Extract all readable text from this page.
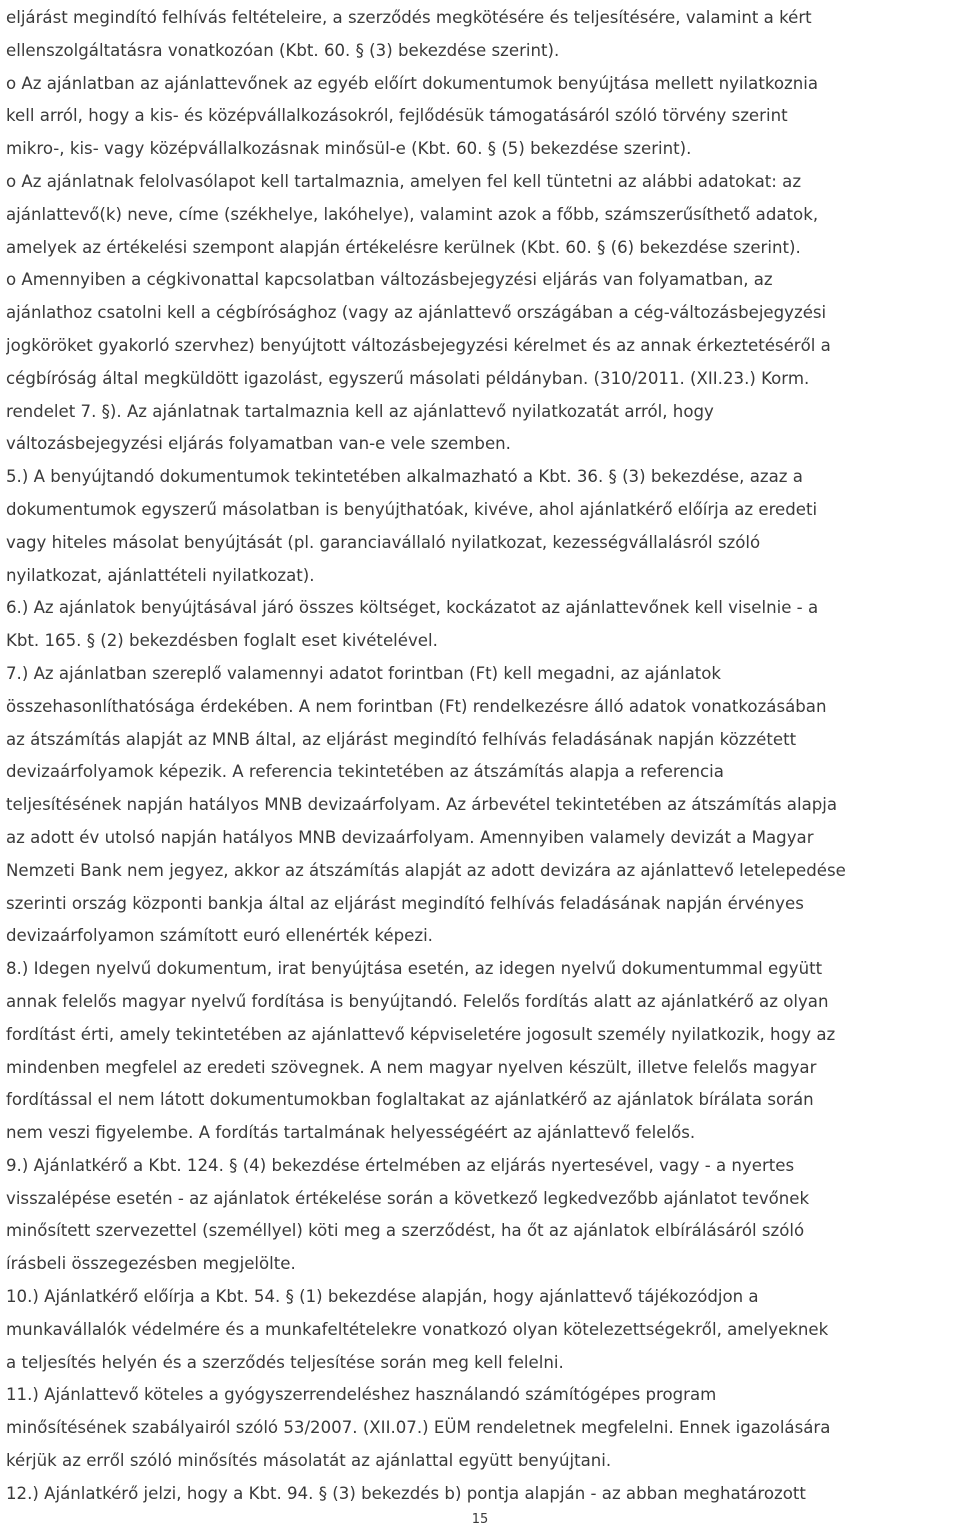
eljárást megindító felhívás feltételeire, a szerződés megkötésére és teljesítésére, valamint a kért
ellenszolgáltatásra vonatkozóan (Kbt. 60. § (3) bekezdése szerint).
o Az ajánlatban az ajánlattevőnek az egyéb előírt dokumentumok benyújtása mellett nyilatkoznia
kell arról, hogy a kis- és középvállalkozásokról, fejlődésük támogatásáról szóló törvény szerint
mikro-, kis- vagy középvállalkozásnak minősül-e (Kbt. 60. § (5) bekezdése szerint).
o Az ajánlatnak felolvasólapot kell tartalmaznia, amelyen fel kell tüntetni az alábbi adatokat: az
ajánlattevő(k) neve, címe (székhelye, lakóhelye), valamint azok a főbb, számszerűsíthető adatok,
amelyek az értékelési szempont alapján értékelésre kerülnek (Kbt. 60. § (6) bekezdése szerint).
o Amennyiben a cégkivonattal kapcsolatban változásbejegyzési eljárás van folyamatban, az
ajánlathoz csatolni kell a cégbírósághoz (vagy az ajánlattevő országában a cég-változásbejegyzési
jogköröket gyakorló szervhez) benyújtott változásbejegyzési kérelmet és az annak érkeztetéséről a
cégbíróság által megküldött igazolást, egyszerű másolati példányban. (310/2011. (XII.23.) Korm.
rendelet 7. §). Az ajánlatnak tartalmaznia kell az ajánlattevő nyilatkozatát arról, hogy
változásbejegyzési eljárás folyamatban van-e vele szemben.
5.) A benyújtandó dokumentumok tekintetében alkalmazható a Kbt. 36. § (3) bekezdése, azaz a
dokumentumok egyszerű másolatban is benyújthatóak, kivéve, ahol ajánlatkérő előírja az eredeti
vagy hiteles másolat benyújtását (pl. garanciavállaló nyilatkozat, kezességvállalásról szóló
nyilatkozat, ajánlattételi nyilatkozat).
6.) Az ajánlatok benyújtásával járó összes költséget, kockázatot az ajánlattevőnek kell viselnie - a
Kbt. 165. § (2) bekezdésben foglalt eset kivételével.
7.) Az ajánlatban szereplő valamennyi adatot forintban (Ft) kell megadni, az ajánlatok
összehasonlíthatósága érdekében. A nem forintban (Ft) rendelkezésre álló adatok vonatkozásában
az átszámítás alapját az MNB által, az eljárást megindító felhívás feladásának napján közzétett
devizaárfolyamok képezik. A referencia tekintetében az átszámítás alapja a referencia
teljesítésének napján hatályos MNB devizaárfolyam. Az árbevétel tekintetében az átszámítás alapja
az adott év utolsó napján hatályos MNB devizaárfolyam. Amennyiben valamely devizát a Magyar
Nemzeti Bank nem jegyez, akkor az átszámítás alapját az adott devizára az ajánlattevő letelepedése
szerinti ország központi bankja által az eljárást megindító felhívás feladásának napján érvényes
devizaárfolyamon számított euró ellenérték képezi.
8.) Idegen nyelvű dokumentum, irat benyújtása esetén, az idegen nyelvű dokumentummal együtt
annak felelős magyar nyelvű fordítása is benyújtandó. Felelős fordítás alatt az ajánlatkérő az olyan
fordítást érti, amely tekintetében az ajánlattevő képviseletére jogosult személy nyilatkozik, hogy az
mindenben megfelel az eredeti szövegnek. A nem magyar nyelven készült, illetve felelős magyar
fordítással el nem látott dokumentumokban foglaltakat az ajánlatkérő az ajánlatok bírálata során
nem veszi figyelembe. A fordítás tartalmának helyességéért az ajánlattevő felelős.
9.) Ajánlatkérő a Kbt. 124. § (4) bekezdése értelmében az eljárás nyertesével, vagy - a nyertes
visszalépése esetén - az ajánlatok értékelése során a következő legkedvezőbb ajánlatot tevőnek
minősített szervezettel (személlyel) köti meg a szerződést, ha őt az ajánlatok elbírálásáról szóló
írásbeli összegezésben megjelölte.
10.) Ajánlatkérő előírja a Kbt. 54. § (1) bekezdése alapján, hogy ajánlattevő tájékozódjon a
munkavállalók védelmére és a munkafeltételekre vonatkozó olyan kötelezettségekről, amelyeknek
a teljesítés helyén és a szerződés teljesítése során meg kell felelni.
11.) Ajánlattevő köteles a gyógyszerrendeléshez használandó számítógépes program
minősítésének szabályairól szóló 53/2007. (XII.07.) EÜM rendeletnek megfelelni. Ennek igazolására
kérjük az erről szóló minősítés másolatát az ajánlattal együtt benyújtani.
12.) Ajánlatkérő jelzi, hogy a Kbt. 94. § (3) bekezdés b) pontja alapján - az abban meghatározott
15
